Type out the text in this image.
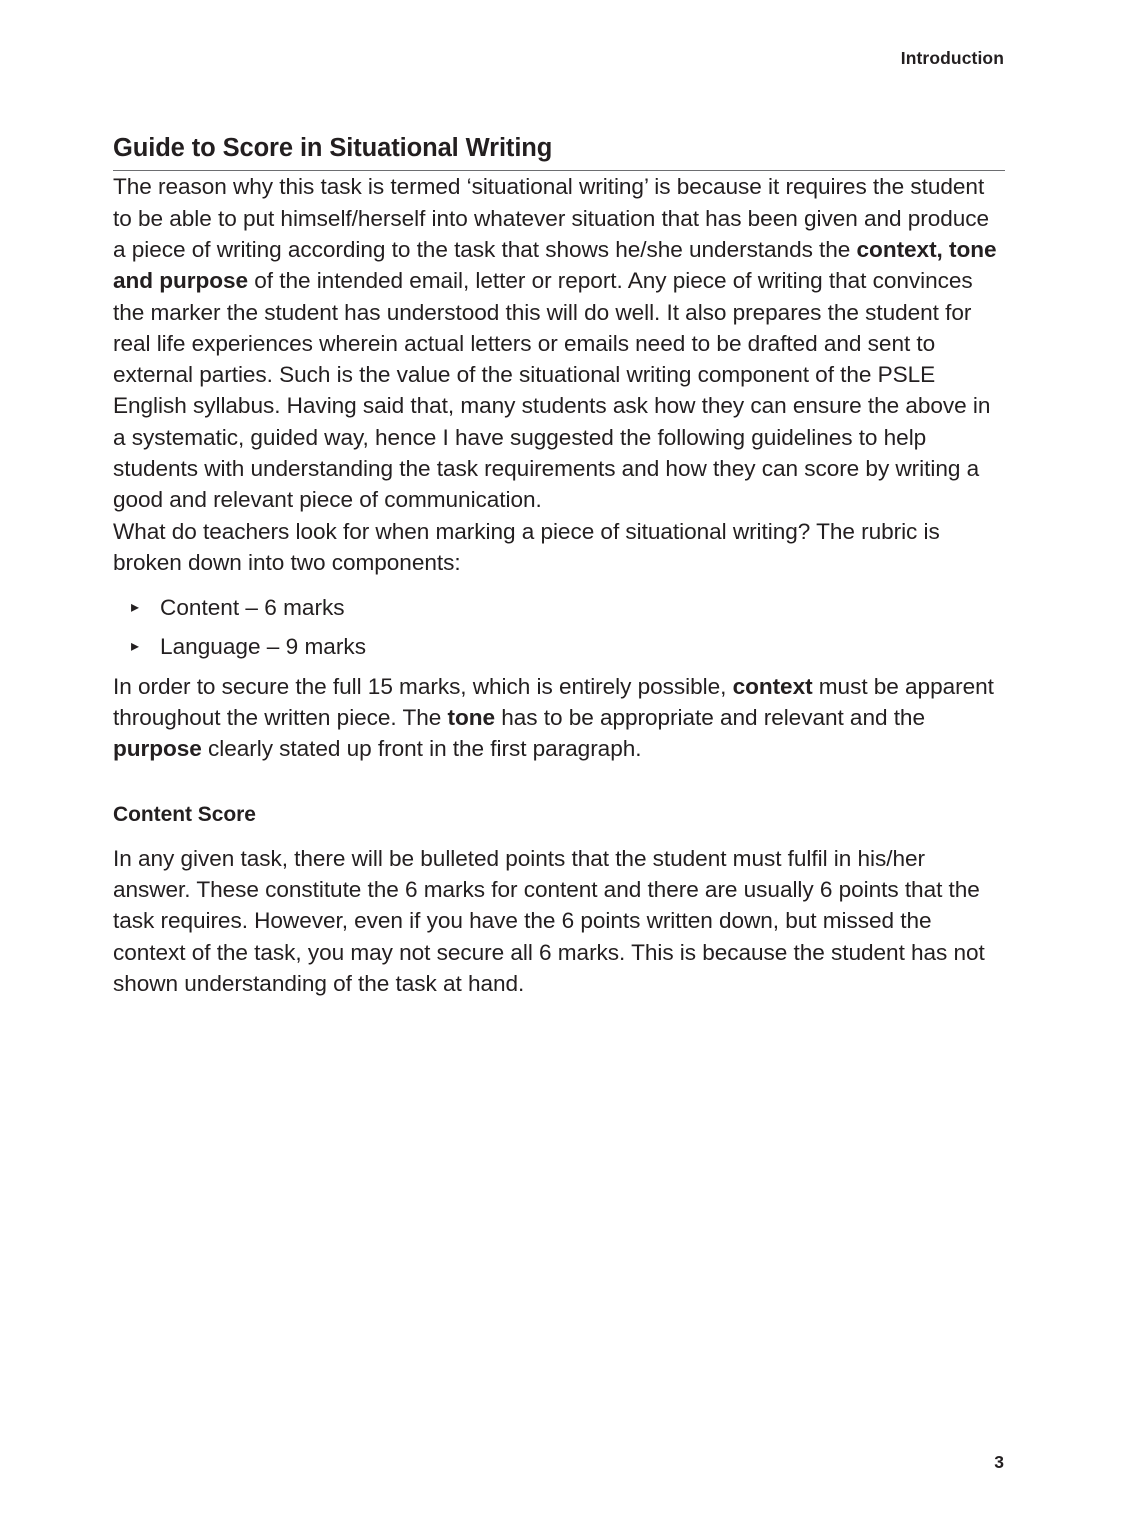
Introduction
Guide to Score in Situational Writing

The reason why this task is termed ‘situational writing’ is because it requires the student to be able to put himself/herself into whatever situation that has been given and produce a piece of writing according to the task that shows he/she understands the context, tone and purpose of the intended email, letter or report. Any piece of writing that convinces the marker the student has understood this will do well. It also prepares the student for real life experiences wherein actual letters or emails need to be drafted and sent to external parties. Such is the value of the situational writing component of the PSLE English syllabus. Having said that, many students ask how they can ensure the above in a systematic, guided way, hence I have suggested the following guidelines to help students with understanding the task requirements and how they can score by writing a good and relevant piece of communication.

What do teachers look for when marking a piece of situational writing? The rubric is broken down into two components:

▸ Content – 6 marks
▸ Language – 9 marks

In order to secure the full 15 marks, which is entirely possible, context must be apparent throughout the written piece. The tone has to be appropriate and relevant and the purpose clearly stated up front in the first paragraph.

Content Score

In any given task, there will be bulleted points that the student must fulfil in his/her answer. These constitute the 6 marks for content and there are usually 6 points that the task requires. However, even if you have the 6 points written down, but missed the context of the task, you may not secure all 6 marks. This is because the student has not shown understanding of the task at hand.

3
